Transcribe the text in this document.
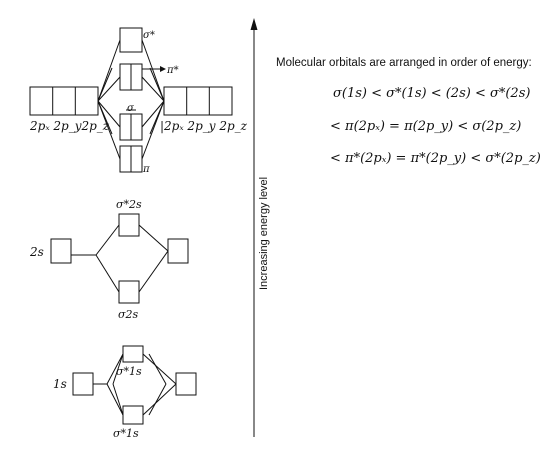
2pₓ 2p_y2p_z	|2pₓ 2p_y 2p_z
σ*
π*
σ
π
2s
σ*2s
σ2s
1s
σ*1s
σ*1s
Increasing energy level
Molecular orbitals are arranged in order of energy:
σ(1s) < σ*(1s) < (2s) < σ*(2s)
< π(2pₓ) = π(2p_y) < σ(2p_z)
< π*(2pₓ) = π*(2p_y) < σ*(2p_z)
